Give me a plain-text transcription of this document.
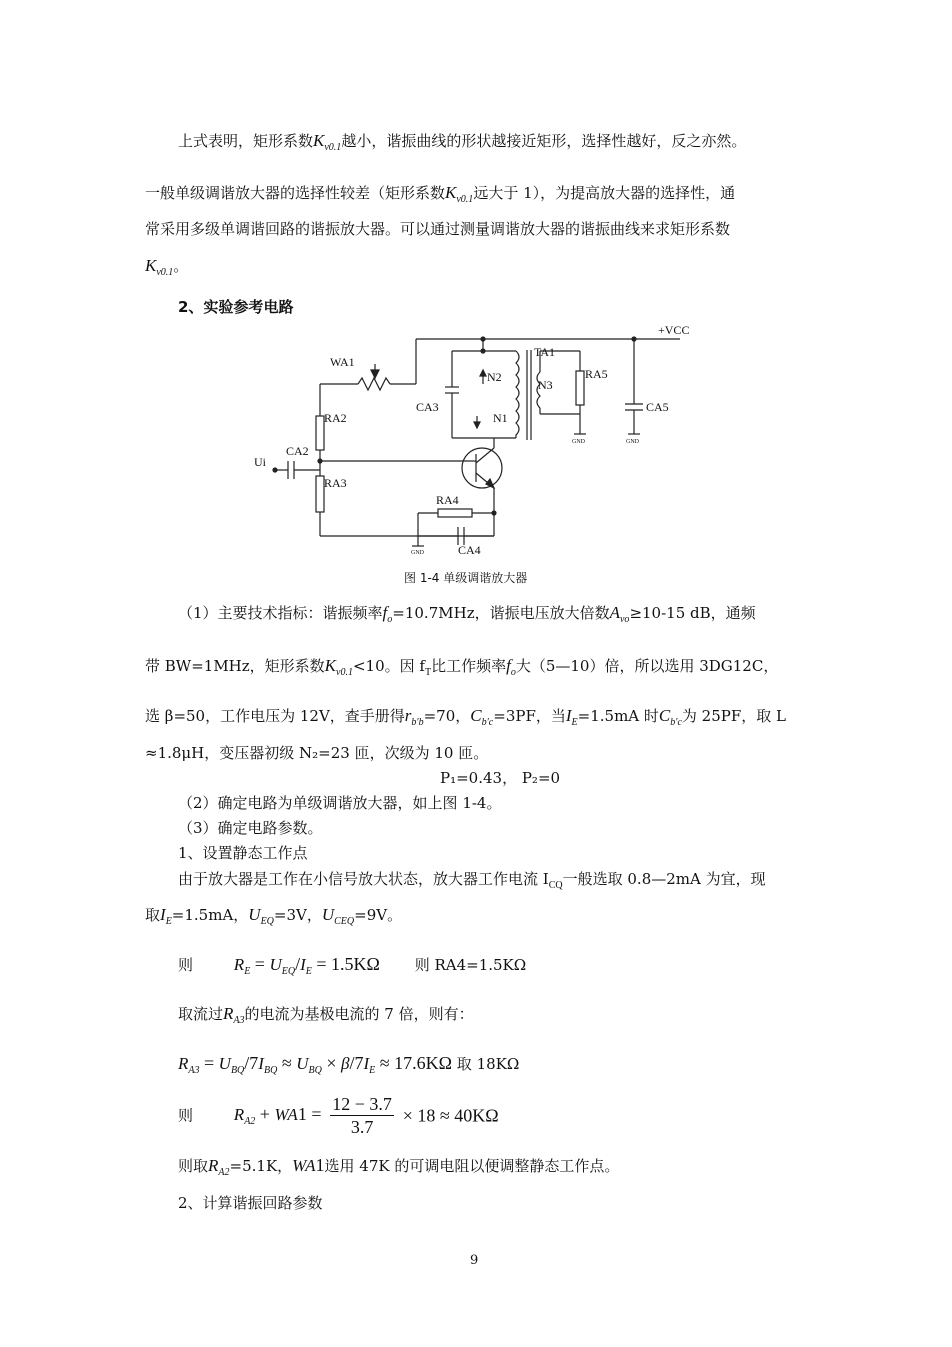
上式表明，矩形系数$K_{v0.1}$越小，谐振曲线的形状越接近矩形，选择性越好，反之亦然。
一般单级调谐放大器的选择性较差（矩形系数$K_{v0.1}$远大于 1），为提高放大器的选择性，通
常采用多级单调谐回路的谐振放大器。可以通过测量调谐放大器的谐振曲线来求矩形系数
$K_{v0.1}$。
2、实验参考电路
+VCC
WA1
TA1
N2
N3
RA5
CA3
N1
CA5
RA2
Ui
CA2
RA3
RA4
CA4
GND	GND
GND
图 1-4 单级调谐放大器
（1）主要技术指标：谐振频率$f_o=10.7MHz$，谐振电压放大倍数$A_{vo}\ge 10-15$ dB，通频
带 BW=1MHz，矩形系数$K_{v0.1}<10$。因 $f_T$比工作频率$f_o$大（5—10）倍，所以选用 3DG12C，
选 β=50，工作电压为 12V，查手册得$r_{b'b}=70$，$C_{b'c}=3PF$，当$I_E=1.5mA$ 时$C_{b'c}$为 25PF，取 L
≈1.8μH，变压器初级 N₂=23 匝，次级为 10 匝。
P₁=0.43， P₂=0
（2）确定电路为单级调谐放大器，如上图 1-4。
（3）确定电路参数。
1、设置静态工作点
由于放大器是工作在小信号放大状态，放大器工作电流 $I_{CQ}$一般选取 0.8—2mA 为宜，现
取$I_E=1.5mA$，$U_{EQ}=3V$，$U_{CEQ}=9V$。
则 $R_E = U_{EQ}/I_E = 1.5K\Omega$ 则 RA4=1.5KΩ
取流过$R_{A3}$的电流为基极电流的 7 倍，则有：
$R_{A3} = U_{BQ}/7I_{BQ} \approx U_{BQ} \times \beta/7I_E \approx 17.6K\Omega$ 取 18KΩ
则 $R_{A2} + WA1 = \frac{12 - 3.7}{3.7} \times 18 \approx 40K\Omega$
则取$R_{A2}=5.1K$，WA1选用 47K 的可调电阻以便调整静态工作点。
2、计算谐振回路参数
9
